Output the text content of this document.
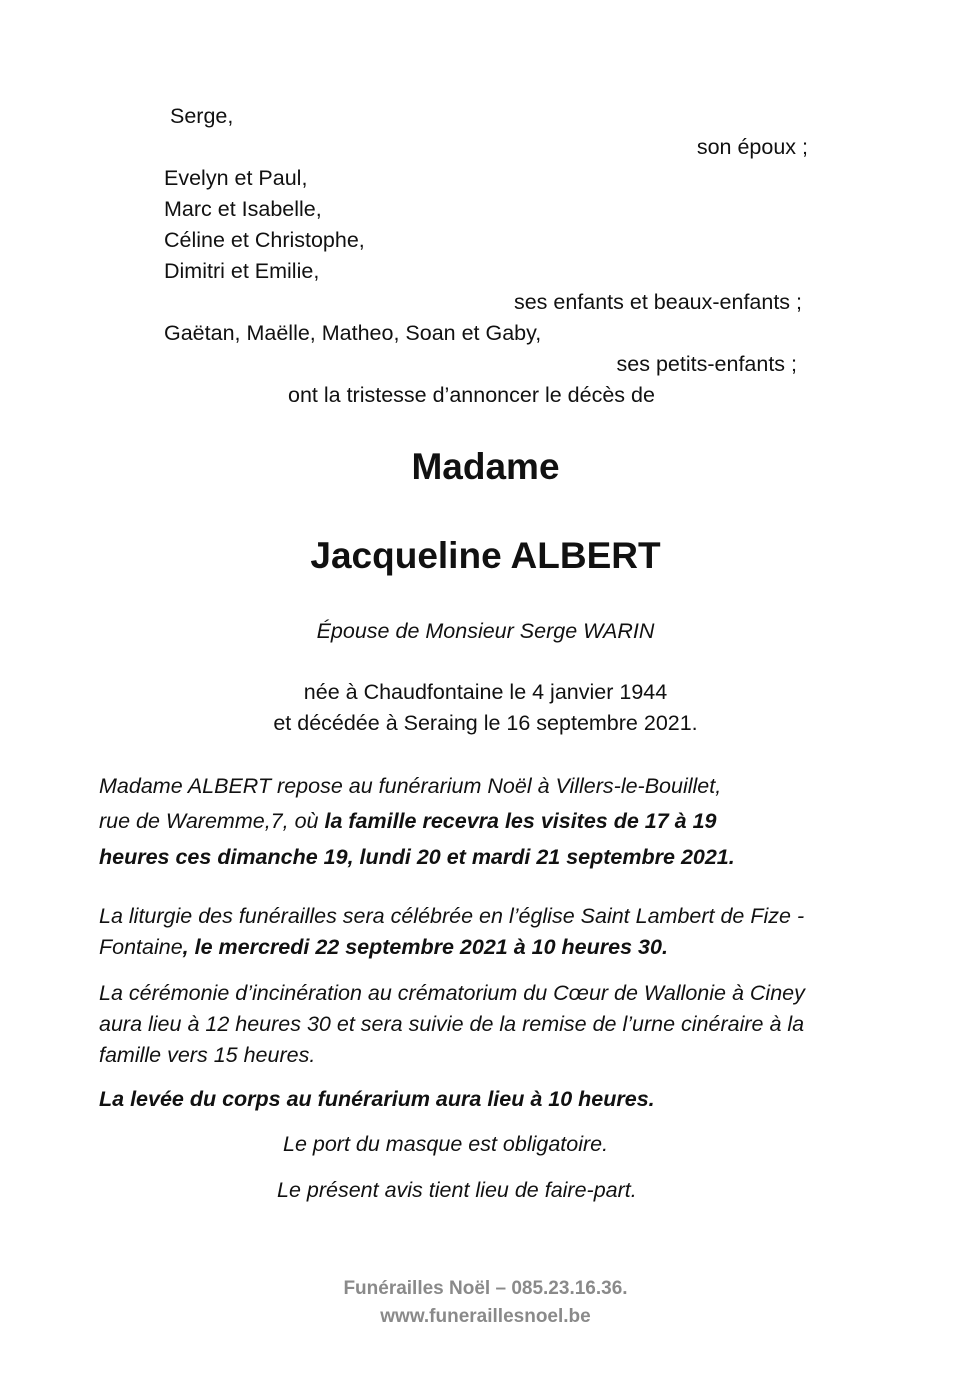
Serge,
son époux ;
Evelyn et Paul,
Marc et Isabelle,
Céline et Christophe,
Dimitri et Emilie,
ses enfants et beaux-enfants ;
Gaëtan, Maëlle, Matheo, Soan et Gaby,
ses petits-enfants ;
ont la tristesse d’annoncer le décès de
Madame
Jacqueline ALBERT
Épouse de Monsieur Serge WARIN
née à Chaudfontaine le 4 janvier 1944
et décédée à Seraing le 16 septembre 2021.
Madame ALBERT repose au funérarium Noël à Villers-le-Bouillet,
rue de Waremme,7, où la famille recevra les visites de 17 à 19
heures ces dimanche 19, lundi 20 et mardi 21 septembre 2021.
La liturgie des funérailles sera célébrée en l’église Saint Lambert de Fize -
Fontaine, le mercredi 22 septembre 2021 à 10 heures 30.
La cérémonie d’incinération au crématorium du Cœur de Wallonie à Ciney
aura lieu à 12 heures 30 et sera suivie de la remise de l’urne cinéraire à la
famille vers 15 heures.
La levée du corps au funérarium aura lieu à 10 heures.
Le port du masque est obligatoire.
Le présent avis tient lieu de faire-part.
Funérailles Noël – 085.23.16.36.
www.funeraillesnoel.be
